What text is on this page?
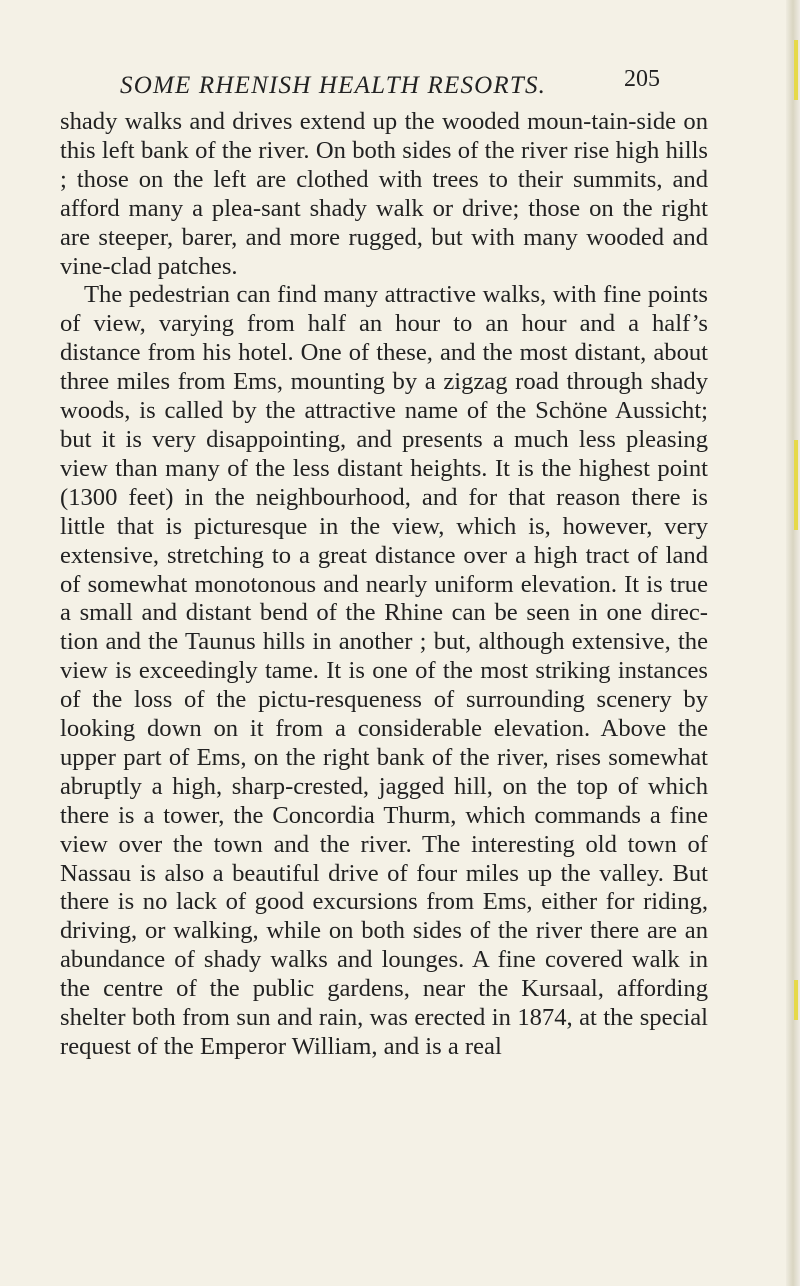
SOME RHENISH HEALTH RESORTS.	205

shady walks and drives extend up the wooded moun-tain-side on this left bank of the river. On both sides of the river rise high hills ; those on the left are clothed with trees to their summits, and afford many a plea-sant shady walk or drive; those on the right are steeper, barer, and more rugged, but with many wooded and vine-clad patches.

The pedestrian can find many attractive walks, with fine points of view, varying from half an hour to an hour and a half’s distance from his hotel. One of these, and the most distant, about three miles from Ems, mounting by a zigzag road through shady woods, is called by the attractive name of the Schöne Aussicht; but it is very disappointing, and presents a much less pleasing view than many of the less distant heights. It is the highest point (1300 feet) in the neighbourhood, and for that reason there is little that is picturesque in the view, which is, however, very extensive, stretching to a great distance over a high tract of land of somewhat monotonous and nearly uniform elevation. It is true a small and distant bend of the Rhine can be seen in one direc-tion and the Taunus hills in another ; but, although extensive, the view is exceedingly tame. It is one of the most striking instances of the loss of the pictu-resqueness of surrounding scenery by looking down on it from a considerable elevation. Above the upper part of Ems, on the right bank of the river, rises somewhat abruptly a high, sharp-crested, jagged hill, on the top of which there is a tower, the Concordia Thurm, which commands a fine view over the town and the river. The interesting old town of Nassau is also a beautiful drive of four miles up the valley. But there is no lack of good excursions from Ems, either for riding, driving, or walking, while on both sides of the river there are an abundance of shady walks and lounges. A fine covered walk in the centre of the public gardens, near the Kursaal, affording shelter both from sun and rain, was erected in 1874, at the special request of the Emperor William, and is a real
